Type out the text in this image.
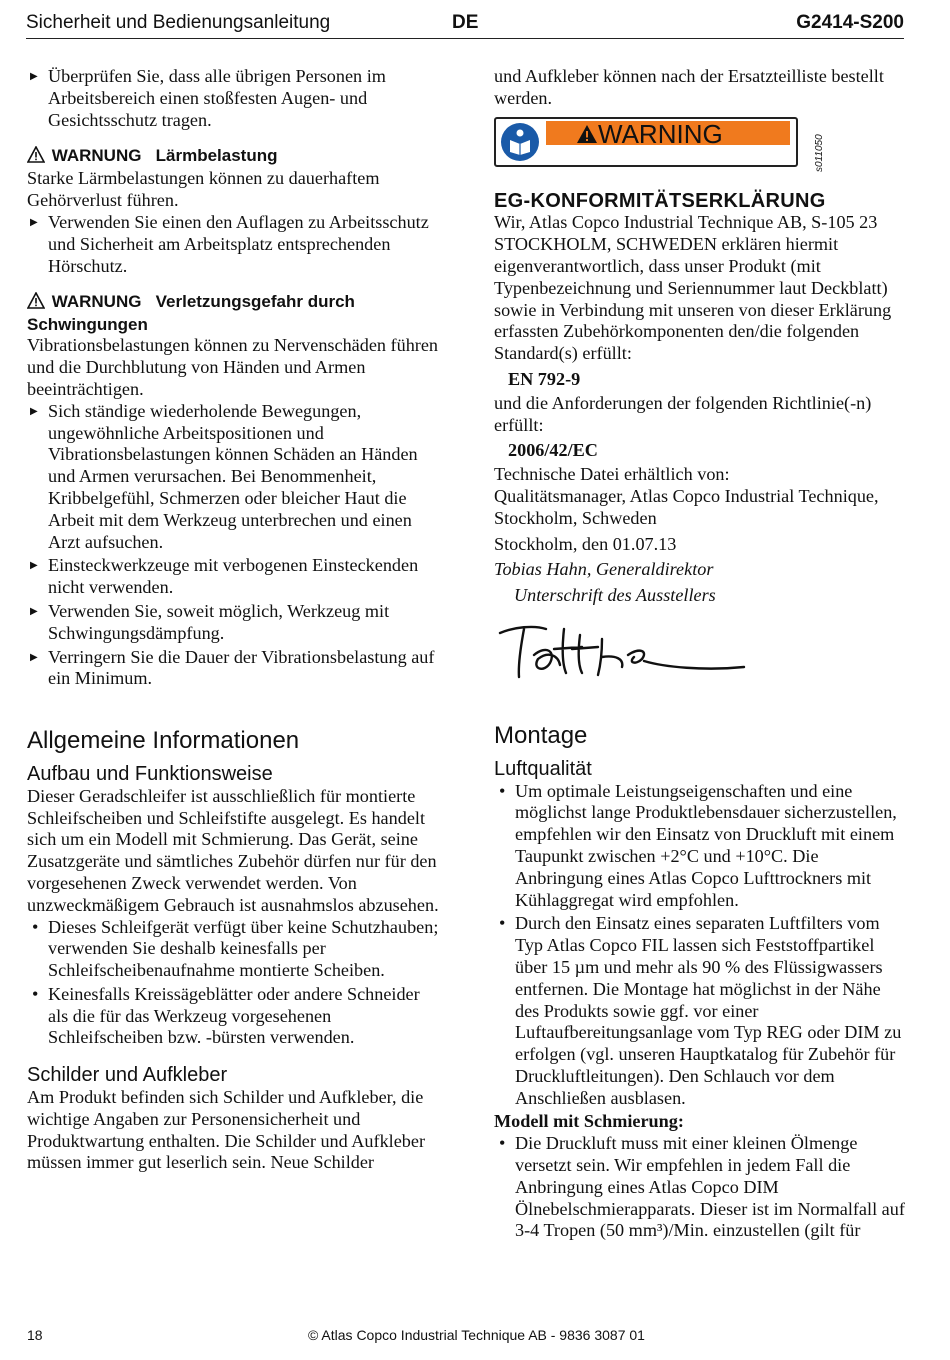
Sicherheit und Bedienungsanleitung	DE	G2414-S200
▶ Überprüfen Sie, dass alle übrigen Personen im Arbeitsbereich einen stoßfesten Augen- und Gesichtsschutz tragen.
WARNUNG Lärmbelastung

Starke Lärmbelastungen können zu dauerhaftem Gehörverlust führen.

▶ Verwenden Sie einen den Auflagen zu Arbeitsschutz und Sicherheit am Arbeitsplatz entsprechenden Hörschutz.
WARNUNG Verletzungsgefahr durch Schwingungen

Vibrationsbelastungen können zu Nervenschäden führen und die Durchblutung von Händen und Armen beeinträchtigen.

▶ Sich ständige wiederholende Bewegungen, ungewöhnliche Arbeitspositionen und Vibrationsbelastungen können Schäden an Händen und Armen verursachen. Bei Benommenheit, Kribbelgefühl, Schmerzen oder bleicher Haut die Arbeit mit dem Werkzeug unterbrechen und einen Arzt aufsuchen.
▶ Einsteckwerkzeuge mit verbogenen Einsteckenden nicht verwenden.
▶ Verwenden Sie, soweit möglich, Werkzeug mit Schwingungsdämpfung.
▶ Verringern Sie die Dauer der Vibrationsbelastung auf ein Minimum.
Allgemeine Informationen
Aufbau und Funktionsweise

Dieser Geradschleifer ist ausschließlich für montierte Schleifscheiben und Schleifstifte ausgelegt. Es handelt sich um ein Modell mit Schmierung. Das Gerät, seine Zusatzgeräte und sämtliches Zubehör dürfen nur für den vorgesehenen Zweck verwendet werden. Von unzweckmäßigem Gebrauch ist ausnahmslos abzusehen.

• Dieses Schleifgerät verfügt über keine Schutzhauben; verwenden Sie deshalb keinesfalls per Schleifscheibenaufnahme montierte Scheiben.
• Keinesfalls Kreissägeblätter oder andere Schneider als die für das Werkzeug vorgesehenen Schleifscheiben bzw. -bürsten verwenden.
Schilder und Aufkleber

Am Produkt befinden sich Schilder und Aufkleber, die wichtige Angaben zur Personensicherheit und Produktwartung enthalten. Die Schilder und Aufkleber müssen immer gut leserlich sein. Neue Schilder

und Aufkleber können nach der Ersatzteilliste bestellt werden.

WARNING
EG-KONFORMITÄTSERKLÄRUNG

Wir, Atlas Copco Industrial Technique AB, S-105 23 STOCKHOLM, SCHWEDEN erklären hiermit eigenverantwortlich, dass unser Produkt (mit Typenbezeichnung und Seriennummer laut Deckblatt) sowie in Verbindung mit unseren von dieser Erklärung erfassten Zubehörkomponenten den/die folgenden Standard(s) erfüllt:

EN 792-9

und die Anforderungen der folgenden Richtlinie(-n) erfüllt:

2006/42/EC

Technische Datei erhältlich von:

Qualitätsmanager, Atlas Copco Industrial Technique, Stockholm, Schweden

Stockholm, den 01.07.13

Tobias Hahn, Generaldirektor

Unterschrift des Ausstellers

Montage
Luftqualität
• Um optimale Leistungseigenschaften und eine möglichst lange Produktlebensdauer sicherzustellen, empfehlen wir den Einsatz von Druckluft mit einem Taupunkt zwischen +2°C und +10°C. Die Anbringung eines Atlas Copco Lufttrockners mit Kühlaggregat wird empfohlen.
• Durch den Einsatz eines separaten Luftfilters vom Typ Atlas Copco FIL lassen sich Feststoffpartikel über 15 µm und mehr als 90 % des Flüssigwassers entfernen. Die Montage hat möglichst in der Nähe des Produkts sowie ggf. vor einer Luftaufbereitungsanlage vom Typ REG oder DIM zu erfolgen (vgl. unseren Hauptkatalog für Zubehör für Druckluftleitungen). Den Schlauch vor dem Anschließen ausblasen.

Modell mit Schmierung:

• Die Druckluft muss mit einer kleinen Ölmenge versetzt sein. Wir empfehlen in jedem Fall die Anbringung eines Atlas Copco DIM Ölnebelschmierapparats. Dieser ist im Normalfall auf 3-4 Tropen (50 mm³)/Min. einzustellen (gilt für
s011050
18	© Atlas Copco Industrial Technique AB - 9836 3087 01
